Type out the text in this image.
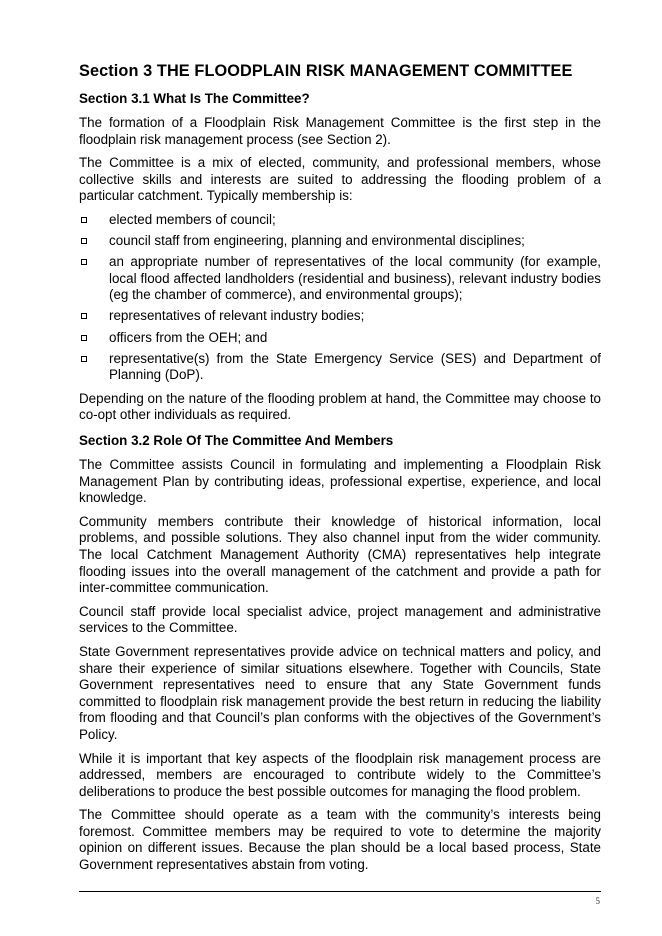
Section 3 THE FLOODPLAIN RISK MANAGEMENT COMMITTEE
Section 3.1 What Is The Committee?

The formation of a Floodplain Risk Management Committee is the first step in the floodplain risk management process (see Section 2).

The Committee is a mix of elected, community, and professional members, whose collective skills and interests are suited to addressing the flooding problem of a particular catchment. Typically membership is:

elected members of council;
council staff from engineering, planning and environmental disciplines;
an appropriate number of representatives of the local community (for example, local flood affected landholders (residential and business), relevant industry bodies (eg the chamber of commerce), and environmental groups);
representatives of relevant industry bodies;
officers from the OEH; and
representative(s) from the State Emergency Service (SES) and Department of Planning (DoP).

Depending on the nature of the flooding problem at hand, the Committee may choose to co-opt other individuals as required.

Section 3.2 Role Of The Committee And Members

The Committee assists Council in formulating and implementing a Floodplain Risk Management Plan by contributing ideas, professional expertise, experience, and local knowledge.

Community members contribute their knowledge of historical information, local problems, and possible solutions. They also channel input from the wider community. The local Catchment Management Authority (CMA) representatives help integrate flooding issues into the overall management of the catchment and provide a path for inter-committee communication.

Council staff provide local specialist advice, project management and administrative services to the Committee.

State Government representatives provide advice on technical matters and policy, and share their experience of similar situations elsewhere. Together with Councils, State Government representatives need to ensure that any State Government funds committed to floodplain risk management provide the best return in reducing the liability from flooding and that Council’s plan conforms with the objectives of the Government’s Policy.

While it is important that key aspects of the floodplain risk management process are addressed, members are encouraged to contribute widely to the Committee’s deliberations to produce the best possible outcomes for managing the flood problem.

The Committee should operate as a team with the community’s interests being foremost. Committee members may be required to vote to determine the majority opinion on different issues. Because the plan should be a local based process, State Government representatives abstain from voting.

5
